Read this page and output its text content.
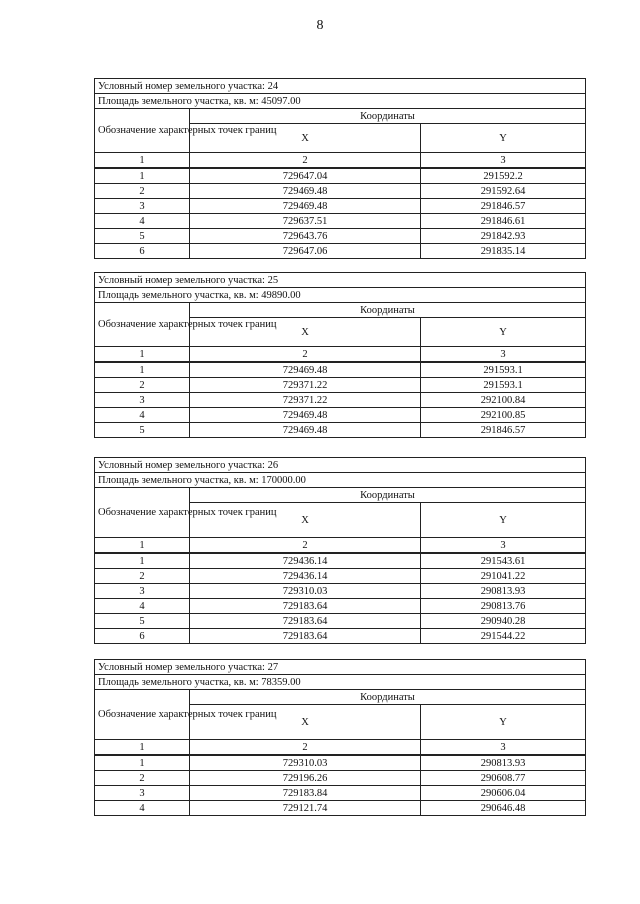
8
Условный номер земельного участка: 24		
Площадь земельного участка, кв. м: 45097.00		
Обозначение характерных точек границ	Координаты	
	X	Y
1	2	3
1	729647.04	291592.2
2	729469.48	291592.64
3	729469.48	291846.57
4	729637.51	291846.61
5	729643.76	291842.93
6	729647.06	291835.14
Условный номер земельного участка: 25		
Площадь земельного участка, кв. м: 49890.00		
Обозначение характерных точек границ	Координаты	
	X	Y
1	2	3
1	729469.48	291593.1
2	729371.22	291593.1
3	729371.22	292100.84
4	729469.48	292100.85
5	729469.48	291846.57
Условный номер земельного участка: 26		
Площадь земельного участка, кв. м: 170000.00		
Обозначение характерных точек границ	Координаты	
	X	Y
1	2	3
1	729436.14	291543.61
2	729436.14	291041.22
3	729310.03	290813.93
4	729183.64	290813.76
5	729183.64	290940.28
6	729183.64	291544.22
Условный номер земельного участка: 27		
Площадь земельного участка, кв. м: 78359.00		
Обозначение характерных точек границ	Координаты	
	X	Y
1	2	3
1	729310.03	290813.93
2	729196.26	290608.77
3	729183.84	290606.04
4	729121.74	290646.48
